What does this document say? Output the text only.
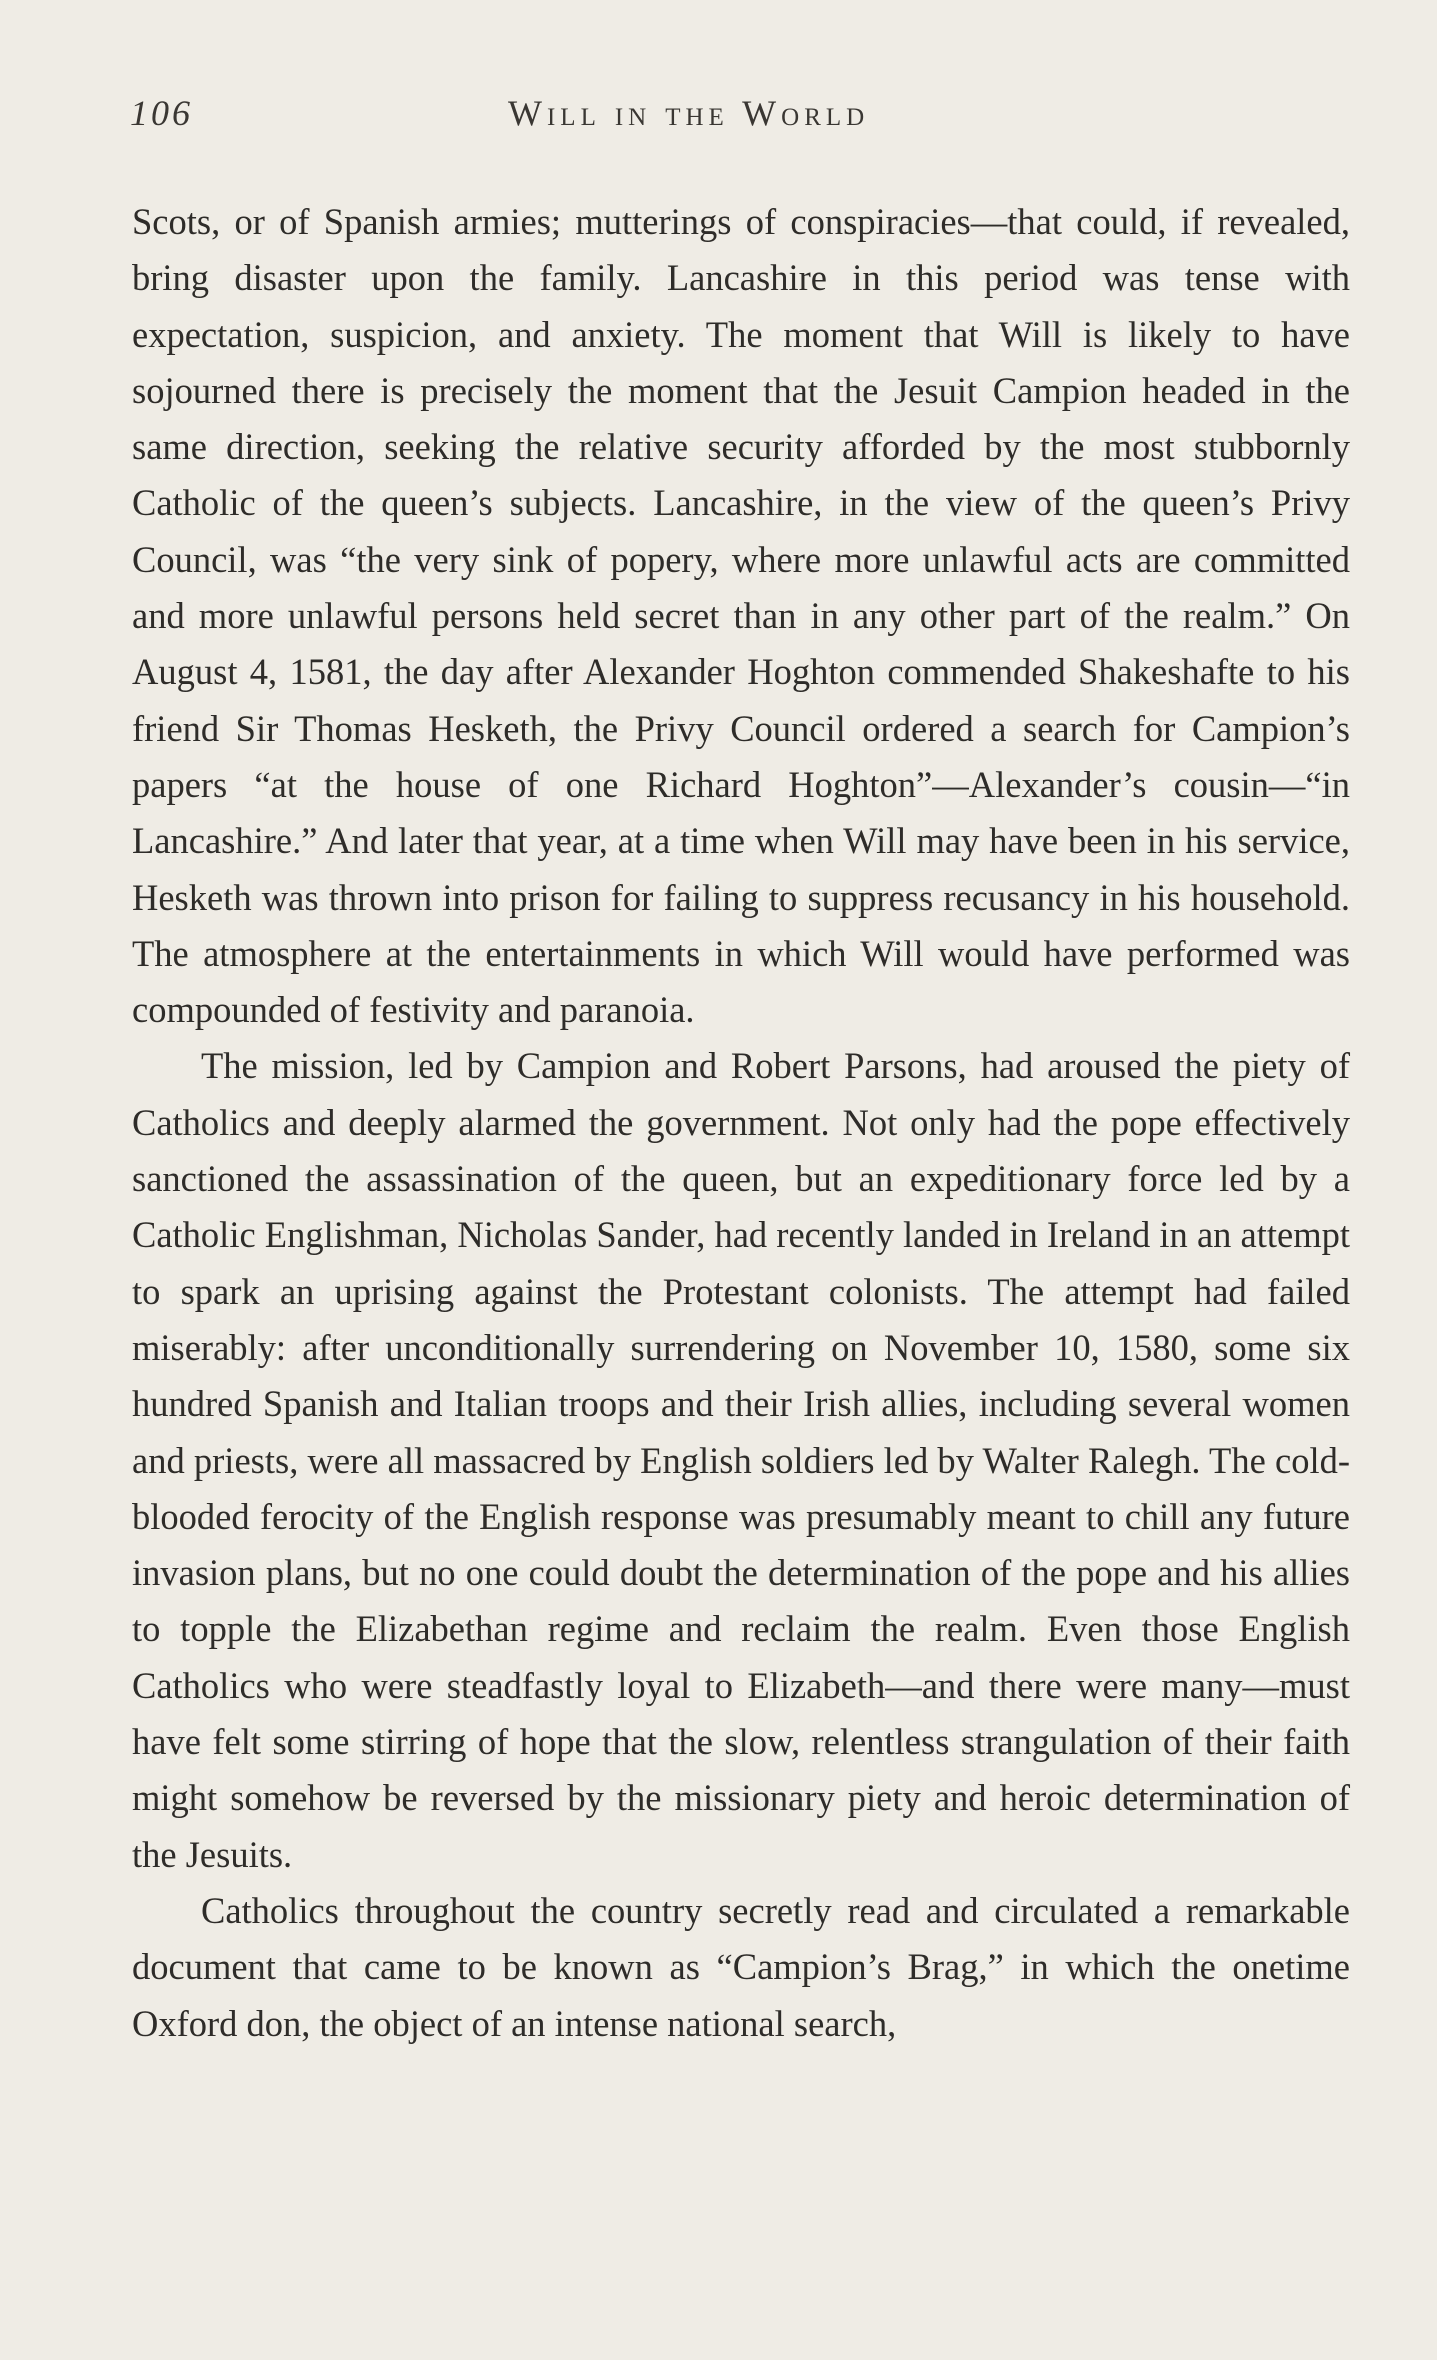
106	Will in the World

Scots, or of Spanish armies; mutterings of conspiracies—that could, if revealed, bring disaster upon the family. Lancashire in this period was tense with expectation, suspicion, and anxiety. The moment that Will is likely to have sojourned there is precisely the moment that the Jesuit Campion headed in the same direction, seeking the relative security afforded by the most stubbornly Catholic of the queen’s subjects. Lancashire, in the view of the queen’s Privy Council, was “the very sink of popery, where more unlawful acts are committed and more unlawful persons held secret than in any other part of the realm.” On August 4, 1581, the day after Alexander Hoghton commended Shakeshafte to his friend Sir Thomas Hesketh, the Privy Council ordered a search for Campion’s papers “at the house of one Richard Hoghton”—Alexander’s cousin—“in Lancashire.” And later that year, at a time when Will may have been in his service, Hesketh was thrown into prison for failing to suppress recusancy in his household. The atmosphere at the entertainments in which Will would have performed was compounded of festivity and paranoia.

The mission, led by Campion and Robert Parsons, had aroused the piety of Catholics and deeply alarmed the government. Not only had the pope effectively sanctioned the assassination of the queen, but an expeditionary force led by a Catholic Englishman, Nicholas Sander, had recently landed in Ireland in an attempt to spark an uprising against the Protestant colonists. The attempt had failed miserably: after unconditionally surrendering on November 10, 1580, some six hundred Spanish and Italian troops and their Irish allies, including several women and priests, were all massacred by English soldiers led by Walter Ralegh. The cold-blooded ferocity of the English response was presumably meant to chill any future invasion plans, but no one could doubt the determination of the pope and his allies to topple the Elizabethan regime and reclaim the realm. Even those English Catholics who were steadfastly loyal to Elizabeth—and there were many—must have felt some stirring of hope that the slow, relentless strangulation of their faith might somehow be reversed by the missionary piety and heroic determination of the Jesuits.

Catholics throughout the country secretly read and circulated a remarkable document that came to be known as “Campion’s Brag,” in which the onetime Oxford don, the object of an intense national search,
